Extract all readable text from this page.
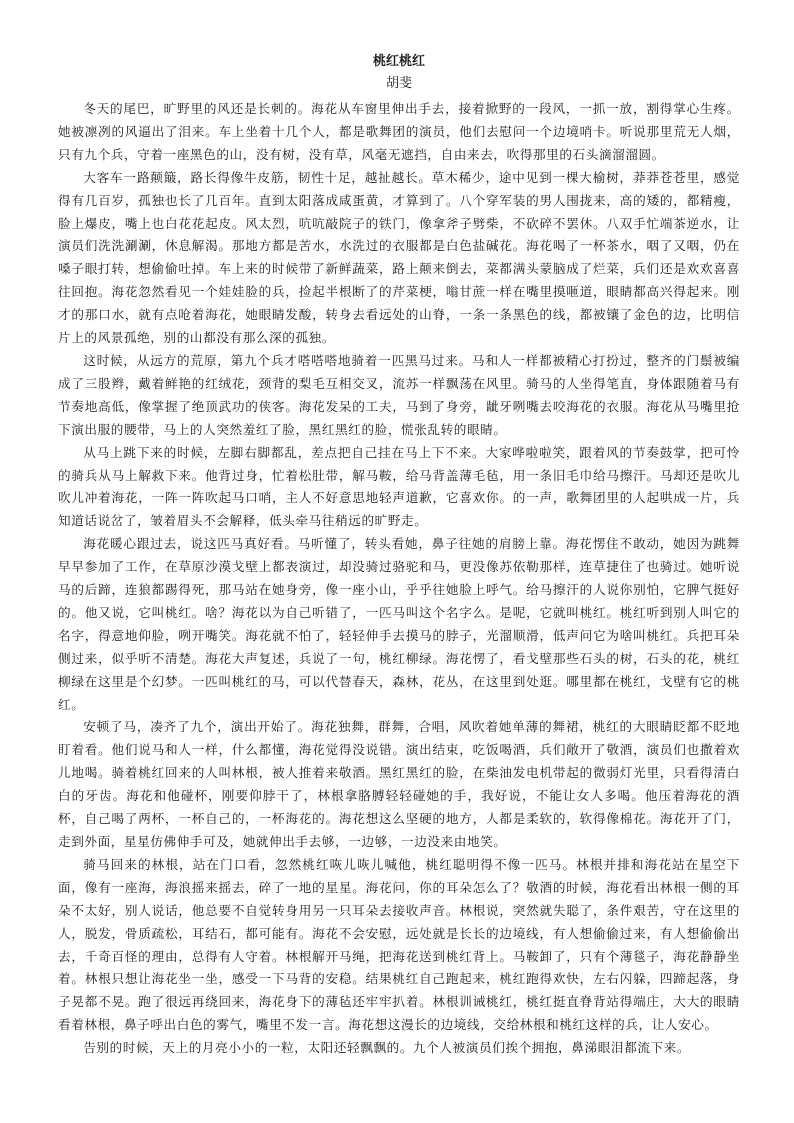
桃红桃红
胡斐

冬天的尾巴，旷野里的风还是长刺的。海花从车窗里伸出手去，接着掀野的一段风，一抓一放，割得掌心生疼。她被凛冽的风逼出了泪来。车上坐着十几个人，都是歌舞团的演员，他们去慰问一个边境哨卡。听说那里荒无人烟，只有九个兵，守着一座黑色的山，没有树，没有草，风毫无遮挡，自由来去，吹得那里的石头滴溜溜圆。

大客车一路颠簸，路长得像牛皮筋，韧性十足，越扯越长。草木稀少，途中见到一棵大榆树，莽莽苍苍里，感觉得有几百岁，孤独也长了几百年。直到太阳落成咸蛋黄，才算到了。八个穿军装的男人围拢来，高的矮的，都精瘦，脸上爆皮，嘴上也白花花起皮。风太烈，吭吭敲院子的铁门，像拿斧子劈柴，不砍碎不罢休。八双手忙端茶逆水，让演员们洗洗涮涮，休息解渴。那地方都是苦水，水洗过的衣服都是白色盐碱花。海花喝了一杯茶水，咽了又咽，仍在嗓子眼打转，想偷偷吐掉。车上来的时候带了新鲜蔬菜，路上颠来倒去，菜都满头蒙脑成了烂菜，兵们还是欢欢喜喜往回抱。海花忽然看见一个娃娃脸的兵，捡起半根断了的芹菜梗，嗡甘蔗一样在嘴里摸咂道，眼睛都高兴得起来。刚才的那口水，就有点呛着海花，她眼睛发酸，转身去看远处的山脊，一条一条黑色的线，都被镶了金色的边，比明信片上的风景孤绝，别的山都没有那么深的孤独。

这时候，从远方的荒原，第九个兵才嗒嗒嗒地骑着一匹黑马过来。马和人一样都被精心打扮过，整齐的门鬃被编成了三股辫，戴着鲜艳的红绒花，颈背的梨毛互相交叉，流苏一样飘荡在风里。骑马的人坐得笔直，身体跟随着马有节奏地高低，像掌握了绝顶武功的侠客。海花发呆的工夫，马到了身旁，龇牙咧嘴去咬海花的衣服。海花从马嘴里抢下演出服的腰带，马上的人突然羞红了脸，黑红黑红的脸，慌张乱转的眼睛。

从马上跳下来的时候，左脚右脚都乱，差点把自己挂在马上下不来。大家哗啦啦笑，跟着风的节奏鼓掌，把可怜的骑兵从马上解救下来。他背过身，忙着松肚带，解马鞍，给马背盖薄毛毡，用一条旧毛巾给马擦汗。马却还是吹儿吹儿冲着海花，一阵一阵吹起马口哨，主人不好意思地轻声道歉，它喜欢你。的一声，歌舞团里的人起哄成一片，兵知道话说岔了，皱着眉头不会解释，低头牵马往稍远的旷野走。

海花暖心跟过去，说这匹马真好看。马听懂了，转头看她，鼻子往她的肩膀上靠。海花愣住不敢动，她因为跳舞早早参加了工作，在草原沙漠戈壁上都表演过，却没骑过骆驼和马，更没像苏依勒那样，连草捷住了也骑过。她听说马的后蹄，连狼都踢得死，那马站在她身旁，像一座小山，乎乎往她脸上呼气。给马擦汗的人说你别怕，它脾气挺好的。他又说，它叫桃红。啥？海花以为自己听错了，一匹马叫这个名字么。是呢，它就叫桃红。桃红听到别人叫它的名字，得意地仰脸，咧开嘴笑。海花就不怕了，轻轻伸手去摸马的脖子，光溜顺滑，低声问它为啥叫桃红。兵把耳朵侧过来，似乎听不清楚。海花大声复述，兵说了一句，桃红柳绿。海花愣了，看戈壁那些石头的树，石头的花，桃红柳绿在这里是个幻梦。一匹叫桃红的马，可以代替春天，森林，花丛，在这里到处逛。哪里都在桃红，戈壁有它的桃红。

安顿了马，凑齐了九个，演出开始了。海花独舞，群舞，合唱，风吹着她单薄的舞裙，桃红的大眼睛眨都不眨地盯着看。他们说马和人一样，什么都懂，海花觉得没说错。演出结束，吃饭喝酒，兵们敞开了敬酒，演员们也撒着欢儿地喝。骑着桃红回来的人叫林根，被人推着来敬酒。黑红黑红的脸，在柴油发电机带起的微弱灯光里，只看得清白白的牙齿。海花和他碰杯，刚要仰脖干了，林根拿胳膊轻轻碰她的手，我好说，不能让女人多喝。他压着海花的酒杯，自己喝了两杯，一杯自己的，一杯海花的。海花想这么坚硬的地方，人都是柔软的，软得像棉花。海花开了门，走到外面，星星仿佛伸手可及，她就伸出手去够，一边够，一边没来由地笑。

骑马回来的林根，站在门口看，忽然桃红咴儿咴儿喊他，桃红聪明得不像一匹马。林根并排和海花站在星空下面，像有一座海，海浪摇来摇去，碎了一地的星星。海花问，你的耳朵怎么了？敬酒的时候，海花看出林根一侧的耳朵不太好，别人说话，他总要不自觉转身用另一只耳朵去接收声音。林根说，突然就失聪了，条件艰苦，守在这里的人，脱发，骨质疏松，耳结石，都可能有。海花不会安慰，远处就是长长的边境线，有人想偷偷过来，有人想偷偷出去，千奇百怪的理由，总得有人守着。林根解开马绳，把海花送到桃红背上。马鞍卸了，只有个薄毯子，海花静静坐着。林根只想让海花坐一坐，感受一下马背的安稳。结果桃红自己跑起来，桃红跑得欢快，左右闪躲，四蹄起落，身子晃都不晃。跑了很远再绕回来，海花身下的薄毡还牢牢扒着。林根训诫桃红，桃红挺直脊背站得端庄，大大的眼睛看着林根，鼻子呼出白色的雾气，嘴里不发一言。海花想这漫长的边境线，交给林根和桃红这样的兵，让人安心。

告别的时候，天上的月亮小小的一粒，太阳还轻飘飘的。九个人被演员们挨个拥抱，鼻涕眼泪都流下来。
